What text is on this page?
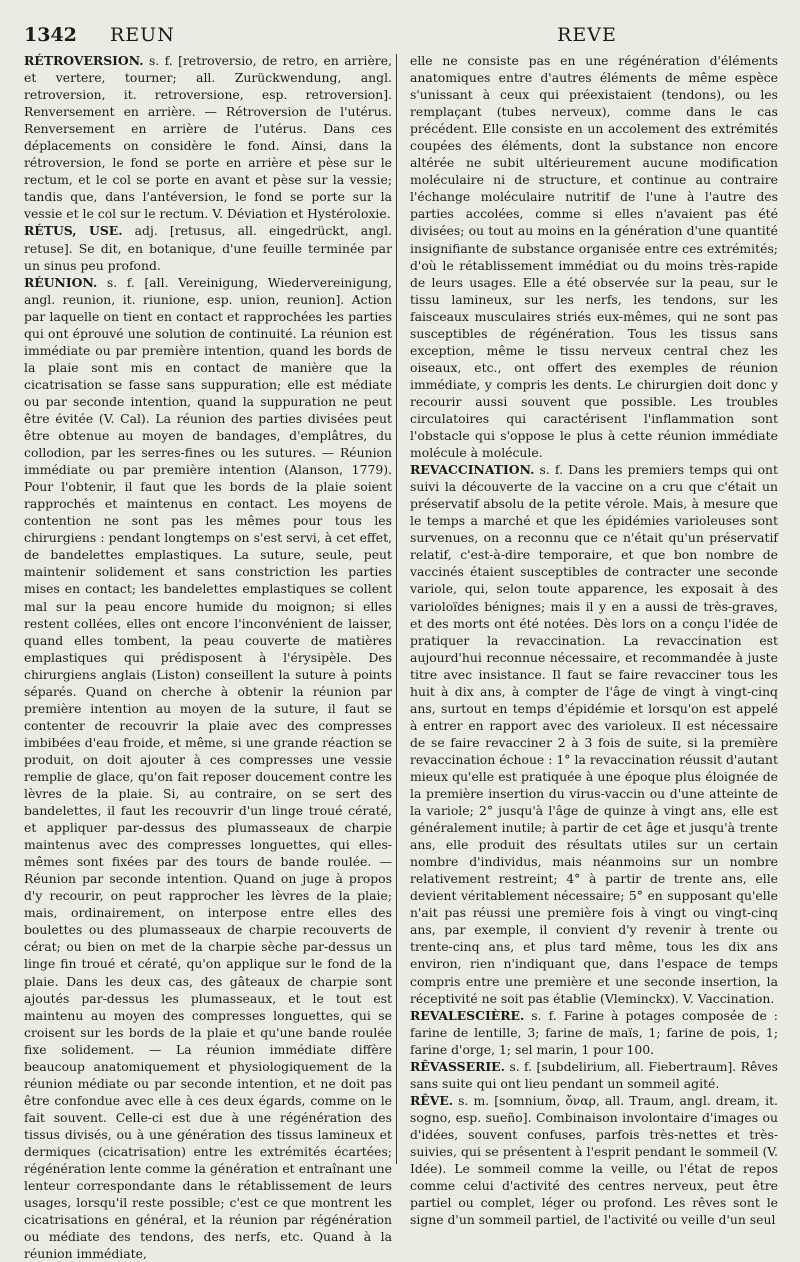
1342	REUN	REVE

RÉTROVERSION. s. f. [retroversio, de retro, en arrière, et vertere, tourner; all. Zurückwendung, angl. retroversion, it. retroversione, esp. retroversion]. Renversement en arrière. — Rétroversion de l'utérus. Renversement en arrière de l'utérus. Dans ces déplacements on considère le fond. Ainsi, dans la rétroversion, le fond se porte en arrière et pèse sur le rectum, et le col se porte en avant et pèse sur la vessie; tandis que, dans l'antéversion, le fond se porte sur la vessie et le col sur le rectum. V. Déviation et Hystéroloxie.

RÉTUS, USE. adj. [retusus, all. eingedrückt, angl. retuse]. Se dit, en botanique, d'une feuille terminée par un sinus peu profond.

RÉUNION. s. f. [all. Vereinigung, Wiedervereinigung, angl. reunion, it. riunione, esp. union, reunion]. Action par laquelle on tient en contact et rapprochées les parties qui ont éprouvé une solution de continuité. La réunion est immédiate ou par première intention, quand les bords de la plaie sont mis en contact de manière que la cicatrisation se fasse sans suppuration; elle est médiate ou par seconde intention, quand la suppuration ne peut être évitée (V. Cal). La réunion des parties divisées peut être obtenue au moyen de bandages, d'emplâtres, du collodion, par les serres-fines ou les sutures. — Réunion immédiate ou par première intention (Alanson, 1779). Pour l'obtenir, il faut que les bords de la plaie soient rapprochés et maintenus en contact. Les moyens de contention ne sont pas les mêmes pour tous les chirurgiens : pendant longtemps on s'est servi, à cet effet, de bandelettes emplastiques. La suture, seule, peut maintenir solidement et sans constriction les parties mises en contact; les bandelettes emplastiques se collent mal sur la peau encore humide du moignon; si elles restent collées, elles ont encore l'inconvénient de laisser, quand elles tombent, la peau couverte de matières emplastiques qui prédisposent à l'érysipèle. Des chirurgiens anglais (Liston) conseillent la suture à points séparés. Quand on cherche à obtenir la réunion par première intention au moyen de la suture, il faut se contenter de recouvrir la plaie avec des compresses imbibées d'eau froide, et même, si une grande réaction se produit, on doit ajouter à ces compresses une vessie remplie de glace, qu'on fait reposer doucement contre les lèvres de la plaie. Si, au contraire, on se sert des bandelettes, il faut les recouvrir d'un linge troué cératé, et appliquer par-dessus des plumasseaux de charpie maintenus avec des compresses longuettes, qui elles-mêmes sont fixées par des tours de bande roulée. — Réunion par seconde intention. Quand on juge à propos d'y recourir, on peut rapprocher les lèvres de la plaie; mais, ordinairement, on interpose entre elles des boulettes ou des plumasseaux de charpie recouverts de cérat; ou bien on met de la charpie sèche par-dessus un linge fin troué et cératé, qu'on applique sur le fond de la plaie. Dans les deux cas, des gâteaux de charpie sont ajoutés par-dessus les plumasseaux, et le tout est maintenu au moyen des compresses longuettes, qui se croisent sur les bords de la plaie et qu'une bande roulée fixe solidement. — La réunion immédiate diffère beaucoup anatomiquement et physiologiquement de la réunion médiate ou par seconde intention, et ne doit pas être confondue avec elle à ces deux égards, comme on le fait souvent. Celle-ci est due à une régénération des tissus divisés, ou à une génération des tissus lamineux et dermiques (cicatrisation) entre les extrémités écartées; régénération lente comme la génération et entraînant une lenteur correspondante dans le rétablissement de leurs usages, lorsqu'il reste possible; c'est ce que montrent les cicatrisations en général, et la réunion par régénération ou médiate des tendons, des nerfs, etc. Quand à la réunion immédiate,

elle ne consiste pas en une régénération d'éléments anatomiques entre d'autres éléments de même espèce s'unissant à ceux qui préexistaient (tendons), ou les remplaçant (tubes nerveux), comme dans le cas précédent. Elle consiste en un accolement des extrémités coupées des éléments, dont la substance non encore altérée ne subit ultérieurement aucune modification moléculaire ni de structure, et continue au contraire l'échange moléculaire nutritif de l'une à l'autre des parties accolées, comme si elles n'avaient pas été divisées; ou tout au moins en la génération d'une quantité insignifiante de substance organisée entre ces extrémités; d'où le rétablissement immédiat ou du moins très-rapide de leurs usages. Elle a été observée sur la peau, sur le tissu lamineux, sur les nerfs, les tendons, sur les faisceaux musculaires striés eux-mêmes, qui ne sont pas susceptibles de régénération. Tous les tissus sans exception, même le tissu nerveux central chez les oiseaux, etc., ont offert des exemples de réunion immédiate, y compris les dents. Le chirurgien doit donc y recourir aussi souvent que possible. Les troubles circulatoires qui caractérisent l'inflammation sont l'obstacle qui s'oppose le plus à cette réunion immédiate molécule à molécule.

REVACCINATION. s. f. Dans les premiers temps qui ont suivi la découverte de la vaccine on a cru que c'était un préservatif absolu de la petite vérole. Mais, à mesure que le temps a marché et que les épidémies varioleuses sont survenues, on a reconnu que ce n'était qu'un préservatif relatif, c'est-à-dire temporaire, et que bon nombre de vaccinés étaient susceptibles de contracter une seconde variole, qui, selon toute apparence, les exposait à des varioloïdes bénignes; mais il y en a aussi de très-graves, et des morts ont été notées. Dès lors on a conçu l'idée de pratiquer la revaccination. La revaccination est aujourd'hui reconnue nécessaire, et recommandée à juste titre avec insistance. Il faut se faire revacciner tous les huit à dix ans, à compter de l'âge de vingt à vingt-cinq ans, surtout en temps d'épidémie et lorsqu'on est appelé à entrer en rapport avec des varioleux. Il est nécessaire de se faire revacciner 2 à 3 fois de suite, si la première revaccination échoue : 1° la revaccination réussit d'autant mieux qu'elle est pratiquée à une époque plus éloignée de la première insertion du virus-vaccin ou d'une atteinte de la variole; 2° jusqu'à l'âge de quinze à vingt ans, elle est généralement inutile; à partir de cet âge et jusqu'à trente ans, elle produit des résultats utiles sur un certain nombre d'individus, mais néanmoins sur un nombre relativement restreint; 4° à partir de trente ans, elle devient véritablement nécessaire; 5° en supposant qu'elle n'ait pas réussi une première fois à vingt ou vingt-cinq ans, par exemple, il convient d'y revenir à trente ou trente-cinq ans, et plus tard même, tous les dix ans environ, rien n'indiquant que, dans l'espace de temps compris entre une première et une seconde insertion, la réceptivité ne soit pas établie (Vleminckx). V. Vaccination.

REVALESCIÈRE. s. f. Farine à potages composée de : farine de lentille, 3; farine de maïs, 1; farine de pois, 1; farine d'orge, 1; sel marin, 1 pour 100.

RÊVASSERIE. s. f. [subdelirium, all. Fiebertraum]. Rêves sans suite qui ont lieu pendant un sommeil agité.

RÊVE. s. m. [somnium, ὄναρ, all. Traum, angl. dream, it. sogno, esp. sueño]. Combinaison involontaire d'images ou d'idées, souvent confuses, parfois très-nettes et très-suivies, qui se présentent à l'esprit pendant le sommeil (V. Idée). Le sommeil comme la veille, ou l'état de repos comme celui d'activité des centres nerveux, peut être partiel ou complet, léger ou profond. Les rêves sont le signe d'un sommeil partiel, de l'activité ou veille d'un seul
